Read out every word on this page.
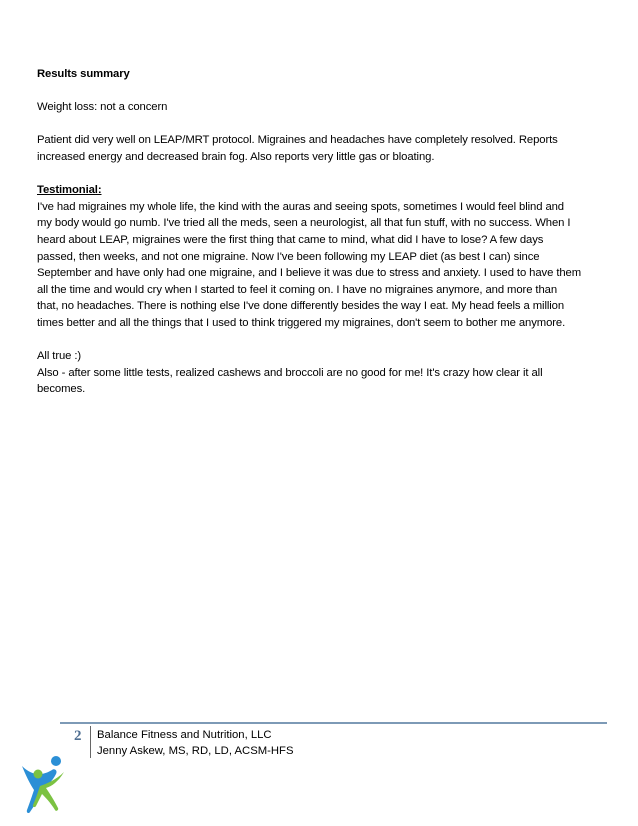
Results summary

Weight loss: not a concern

Patient did very well on LEAP/MRT protocol. Migraines and headaches have completely resolved. Reports
increased energy and decreased brain fog. Also reports very little gas or bloating.

Testimonial:
I've had migraines my whole life, the kind with the auras and seeing spots, sometimes I would feel blind and
my body would go numb. I've tried all the meds, seen a neurologist, all that fun stuff, with no success. When I
heard about LEAP, migraines were the first thing that came to mind, what did I have to lose? A few days
passed, then weeks, and not one migraine. Now I've been following my LEAP diet (as best I can) since
September and have only had one migraine, and I believe it was due to stress and anxiety. I used to have them
all the time and would cry when I started to feel it coming on. I have no migraines anymore, and more than
that, no headaches. There is nothing else I've done differently besides the way I eat. My head feels a million
times better and all the things that I used to think triggered my migraines, don't seem to bother me anymore.
All true :)
Also - after some little tests, realized cashews and broccoli are no good for me! It's crazy how clear it all
becomes.
2 Balance Fitness and Nutrition, LLC
Jenny Askew, MS, RD, LD, ACSM-HFS
